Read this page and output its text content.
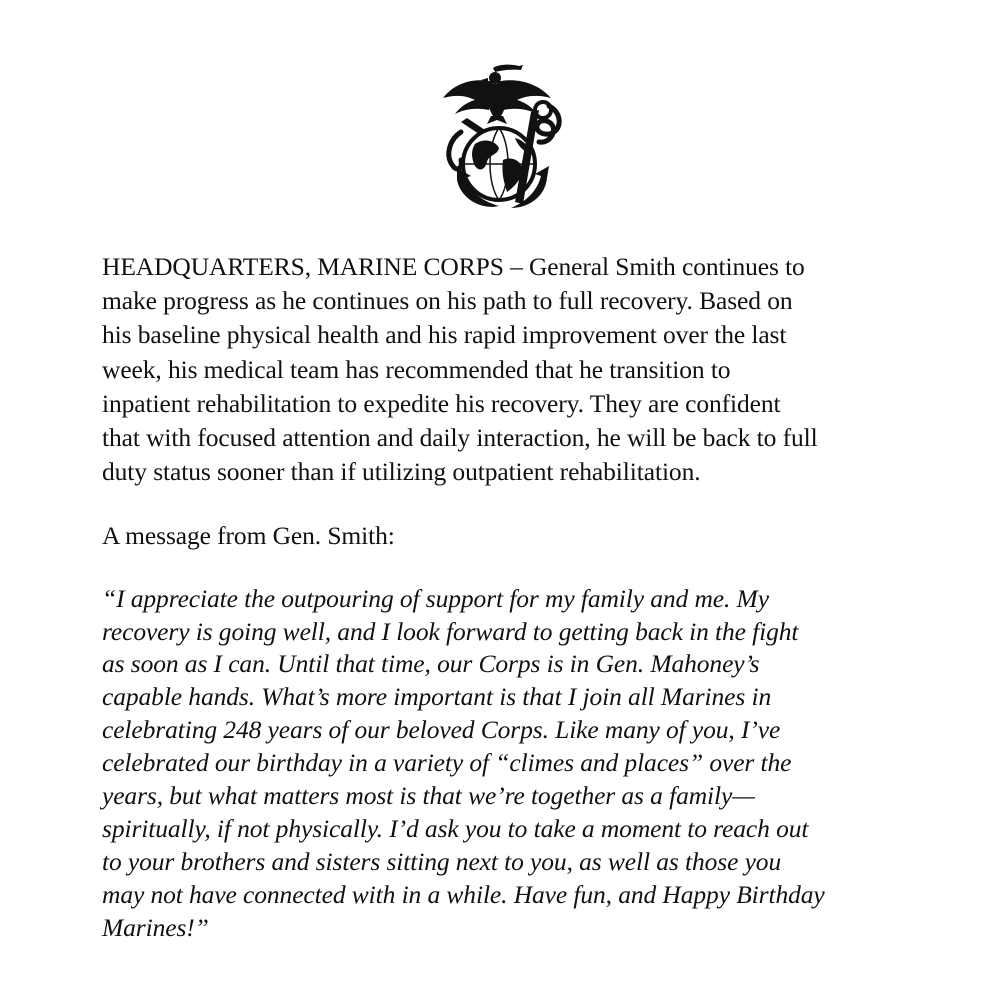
HEADQUARTERS, MARINE CORPS – General Smith continues to
make progress as he continues on his path to full recovery. Based on
his baseline physical health and his rapid improvement over the last
week, his medical team has recommended that he transition to
inpatient rehabilitation to expedite his recovery. They are confident
that with focused attention and daily interaction, he will be back to full
duty status sooner than if utilizing outpatient rehabilitation.

A message from Gen. Smith:

“I appreciate the outpouring of support for my family and me. My
recovery is going well, and I look forward to getting back in the fight
as soon as I can. Until that time, our Corps is in Gen. Mahoney’s
capable hands. What’s more important is that I join all Marines in
celebrating 248 years of our beloved Corps. Like many of you, I’ve
celebrated our birthday in a variety of “climes and places” over the
years, but what matters most is that we’re together as a family—
spiritually, if not physically. I’d ask you to take a moment to reach out
to your brothers and sisters sitting next to you, as well as those you
may not have connected with in a while. Have fun, and Happy Birthday
Marines!”
